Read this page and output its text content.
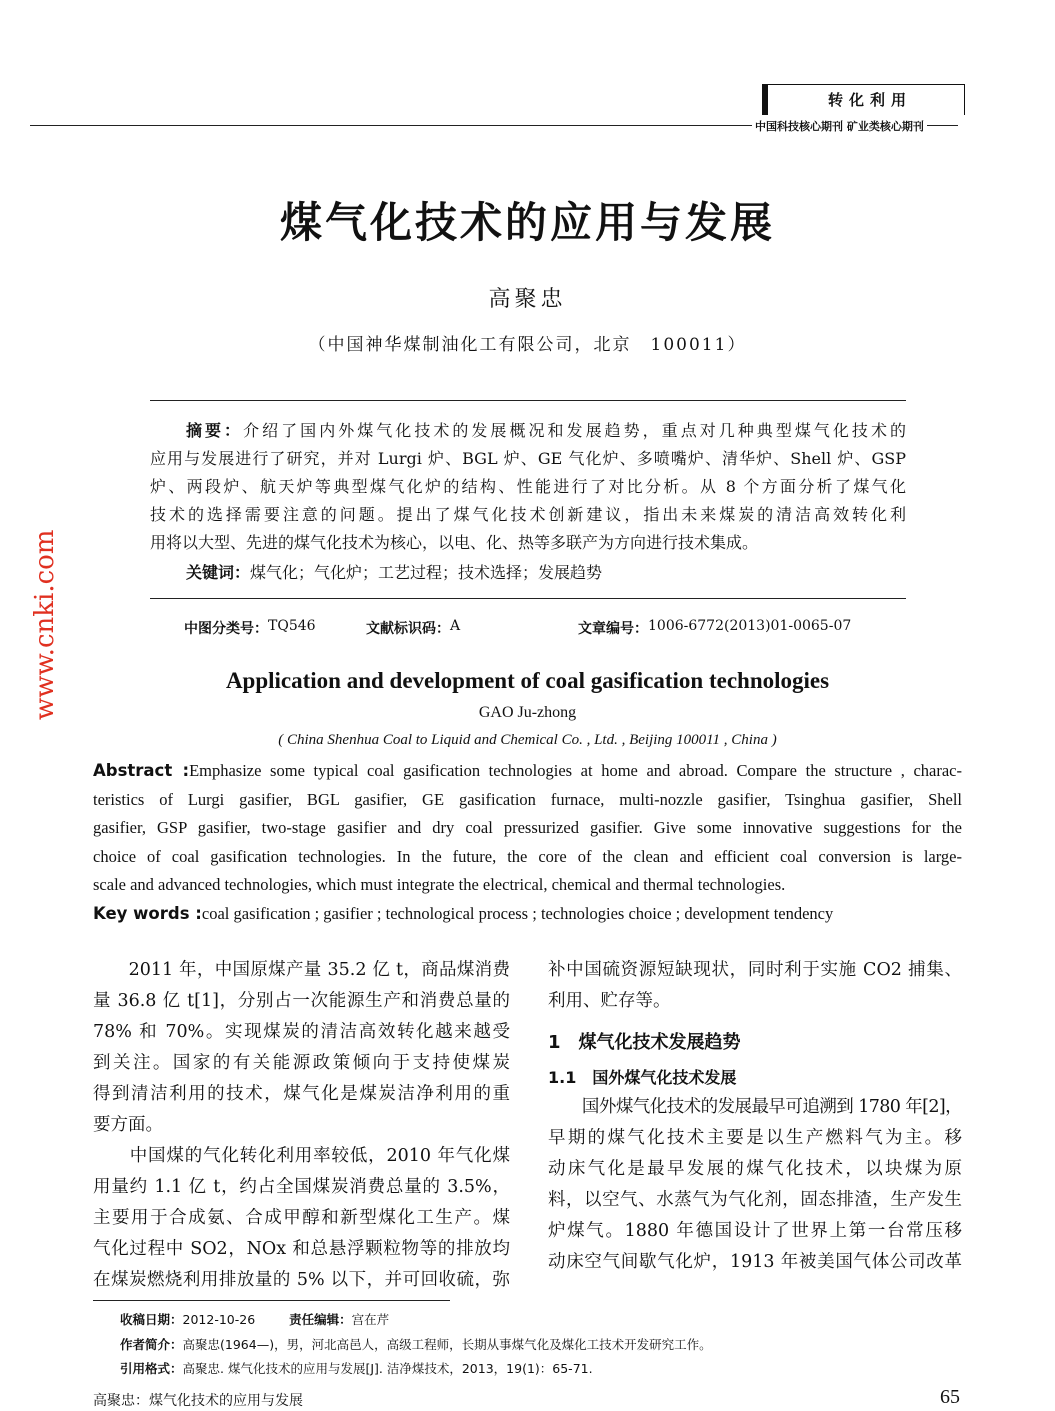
转化利用
中国科技核心期刊 矿业类核心期刊
煤气化技术的应用与发展
高聚忠
（中国神华煤制油化工有限公司，北京　100011）
摘要：介绍了国内外煤气化技术的发展概况和发展趋势，重点对几种典型煤气化技术的
应用与发展进行了研究，并对 Lurgi 炉、BGL 炉、GE 气化炉、多喷嘴炉、清华炉、Shell 炉、GSP
炉、两段炉、航天炉等典型煤气化炉的结构、性能进行了对比分析。从 8 个方面分析了煤气化
技术的选择需要注意的问题。提出了煤气化技术创新建议，指出未来煤炭的清洁高效转化利
用将以大型、先进的煤气化技术为核心，以电、化、热等多联产为方向进行技术集成。
关键词：煤气化；气化炉；工艺过程；技术选择；发展趋势
中图分类号： TQ546	文献标识码： A	文章编号： 1006-6772(2013)01-0065-07
Application and development of coal gasification technologies
GAO Ju-zhong
( China Shenhua Coal to Liquid and Chemical Co. , Ltd. , Beijing 100011 , China )
Abstract :Emphasize some typical coal gasification technologies at home and abroad. Compare the structure , charac-
teristics of Lurgi gasifier, BGL gasifier, GE gasification furnace, multi-nozzle gasifier, Tsinghua gasifier, Shell
gasifier, GSP gasifier, two-stage gasifier and dry coal pressurized gasifier. Give some innovative suggestions for the
choice of coal gasification technologies. In the future, the core of the clean and efficient coal conversion is large-
scale and advanced technologies, which must integrate the electrical, chemical and thermal technologies.
Key words :coal gasification ; gasifier ; technological process ; technologies choice ; development tendency
　　2011 年，中国原煤产量 35.2 亿 t，商品煤消费
量 36.8 亿 t[1]，分别占一次能源生产和消费总量的
78% 和 70%。实现煤炭的清洁高效转化越来越受
到关注。国家的有关能源政策倾向于支持使煤炭
得到清洁利用的技术，煤气化是煤炭洁净利用的重
要方面。
　　中国煤的气化转化利用率较低，2010 年气化煤
用量约 1.1 亿 t，约占全国煤炭消费总量的 3.5%，
主要用于合成氨、合成甲醇和新型煤化工生产。煤
气化过程中 SO2，NOx 和总悬浮颗粒物等的排放均
在煤炭燃烧利用排放量的 5% 以下，并可回收硫，弥
补中国硫资源短缺现状，同时利于实施 CO2 捕集、
利用、贮存等。
1　煤气化技术发展趋势
1.1　国外煤气化技术发展
　　国外煤气化技术的发展最早可追溯到 1780 年[2]，
早期的煤气化技术主要是以生产燃料气为主。移
动床气化是最早发展的煤气化技术，以块煤为原
料，以空气、水蒸气为气化剂，固态排渣，生产发生
炉煤气。1880 年德国设计了世界上第一台常压移
动床空气间歇气化炉，1913 年被美国气体公司改革
收稿日期：2012-10-26	责任编辑：宫在芹
作者简介：高聚忠(1964—)，男，河北高邑人，高级工程师，长期从事煤气化及煤化工技术开发研究工作。
引用格式：高聚忠. 煤气化技术的应用与发展[J]. 洁净煤技术，2013，19(1)：65-71.
高聚忠：煤气化技术的应用与发展	65
www.cnki.com
